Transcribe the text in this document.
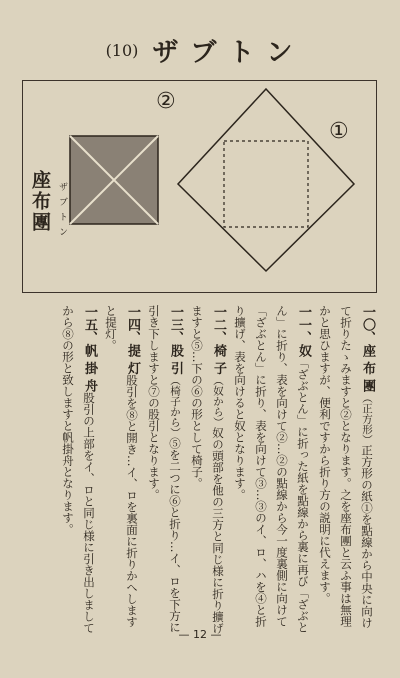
(10) ザブトン
②
①
座布團 ザブトン

一〇、座 布 團（正方形）正方形の紙①を點線から中央に向けて折りたゝみますと②となります。之を座布團と云ふ事は無理かと思ひますが、便利ですから折り方の説明に代えます。

一一、奴「ざぶとん」に折った紙を點線から裏に再び「ざぶとん」に折り、表を向けて②…②の點線から今一度裏側に向けて「ざぶとん」に折り、表を向けて③…③のイ、ロ、ハを④と折り擴げ、表を向けると奴となります。

一二、椅 子（奴から）奴の頭部を他の三方と同じ様に折り擴げますと⑤…下の⑥の形として椅子。

一三、股 引（椅子から）⑤を二つに⑥と折り…イ、ロを下方に引き下しますと⑦の股引となります。

一四、提 灯股引を⑧と開き…イ、ロを裏面に折りかへしますと提灯。

一五、帆 掛 舟股引の上部をイ、ロと同じ様に引き出しましてから⑧の形と致しますと帆掛舟となります。

— 12 —
